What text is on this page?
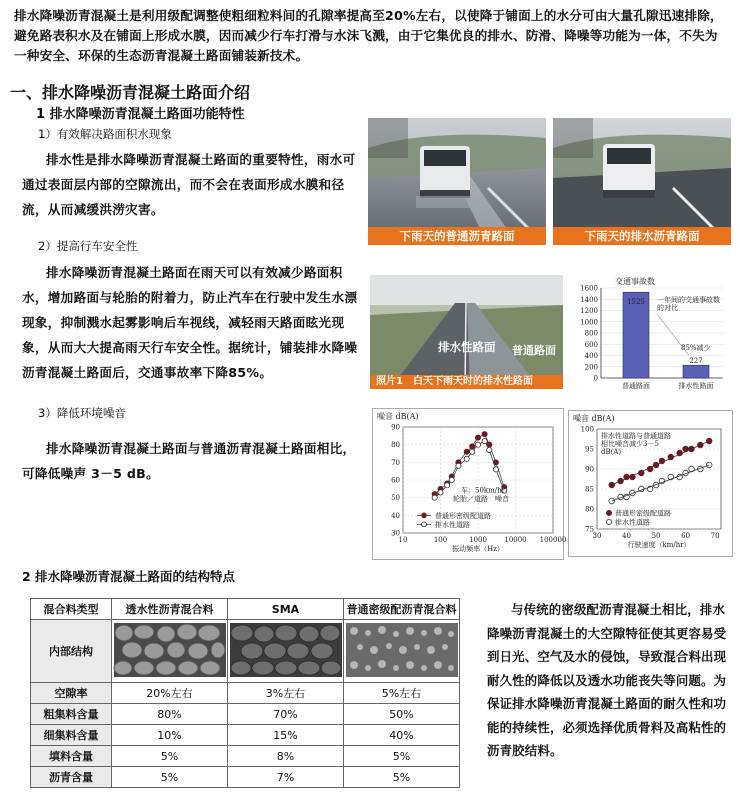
排水降噪沥青混凝土是利用级配调整使粗细粒料间的孔隙率提高至20%左右，以使降于铺面上的水分可由大量孔隙迅速排除，避免路表积水及在铺面上形成水膜，因而减少行车打滑与水沫飞溅，由于它集优良的排水、防滑、降噪等功能为一体，不失为一种安全、环保的生态沥青混凝土路面铺装新技术。
一、排水降噪沥青混凝土路面介绍
1 排水降噪沥青混凝土路面功能特性
1）有效解决路面积水现象
排水性是排水降噪沥青混凝土路面的重要特性，雨水可通过表面层内部的空隙流出，而不会在表面形成水膜和径流，从而减缓洪涝灾害。
2）提高行车安全性
排水降噪沥青混凝土路面在雨天可以有效减少路面积水，增加路面与轮胎的附着力，防止汽车在行驶中发生水漂现象，抑制溅水起雾影响后车视线，减轻雨天路面眩光现象，从而大大提高雨天行车安全性。据统计，铺装排水降噪沥青混凝土路面后，交通事故率下降85%。
3）降低环境噪音
排水降噪沥青混凝土路面与普通沥青混凝土路面相比，可降低噪声 3－5 dB。
下雨天的普通沥青路面	下雨天的排水沥青路面
排水性路面 普通路面
照片1　白天下雨天时的排水性路面
交通事故数
0
200
400
600
800
1000
1200
1400
1600
1525
普通路面
227
排水性路面
一年间的交通事故数
的对比
85%减少
噪音 dB(A)
30
40
50
60
70
80
90
10	100	1000 10000 100000
振动频率（Hz）
车：50km/hr
轮胎／道路　噪音
普通形密级配道路
排水性道路
噪音 dB(A)
75
80
85
90
95
100
30	40	50	60	70
行驶速度（km/hr）
排水性道路与普通道路
相比噪音减少3－5
dB(A)
普通形密级配道路
排水性道路
2 排水降噪沥青混凝土路面的结构特点
混合料类型	透水性沥青混合料	SMA	普通密级配沥青混合料
内部结构			
空隙率	20%左右	3%左右	5%左右
粗集料含量	80%	70%	50%
细集料含量	10%	15%	40%
填料含量	5%	8%	5%
沥青含量	5%	7%	5%
与传统的密级配沥青混凝土相比，排水降噪沥青混凝土的大空隙特征使其更容易受到日光、空气及水的侵蚀，导致混合料出现耐久性的降低以及透水功能丧失等问题。为保证排水降噪沥青混凝土路面的耐久性和功能的持续性，必须选择优质骨料及高粘性的沥青胶结料。
